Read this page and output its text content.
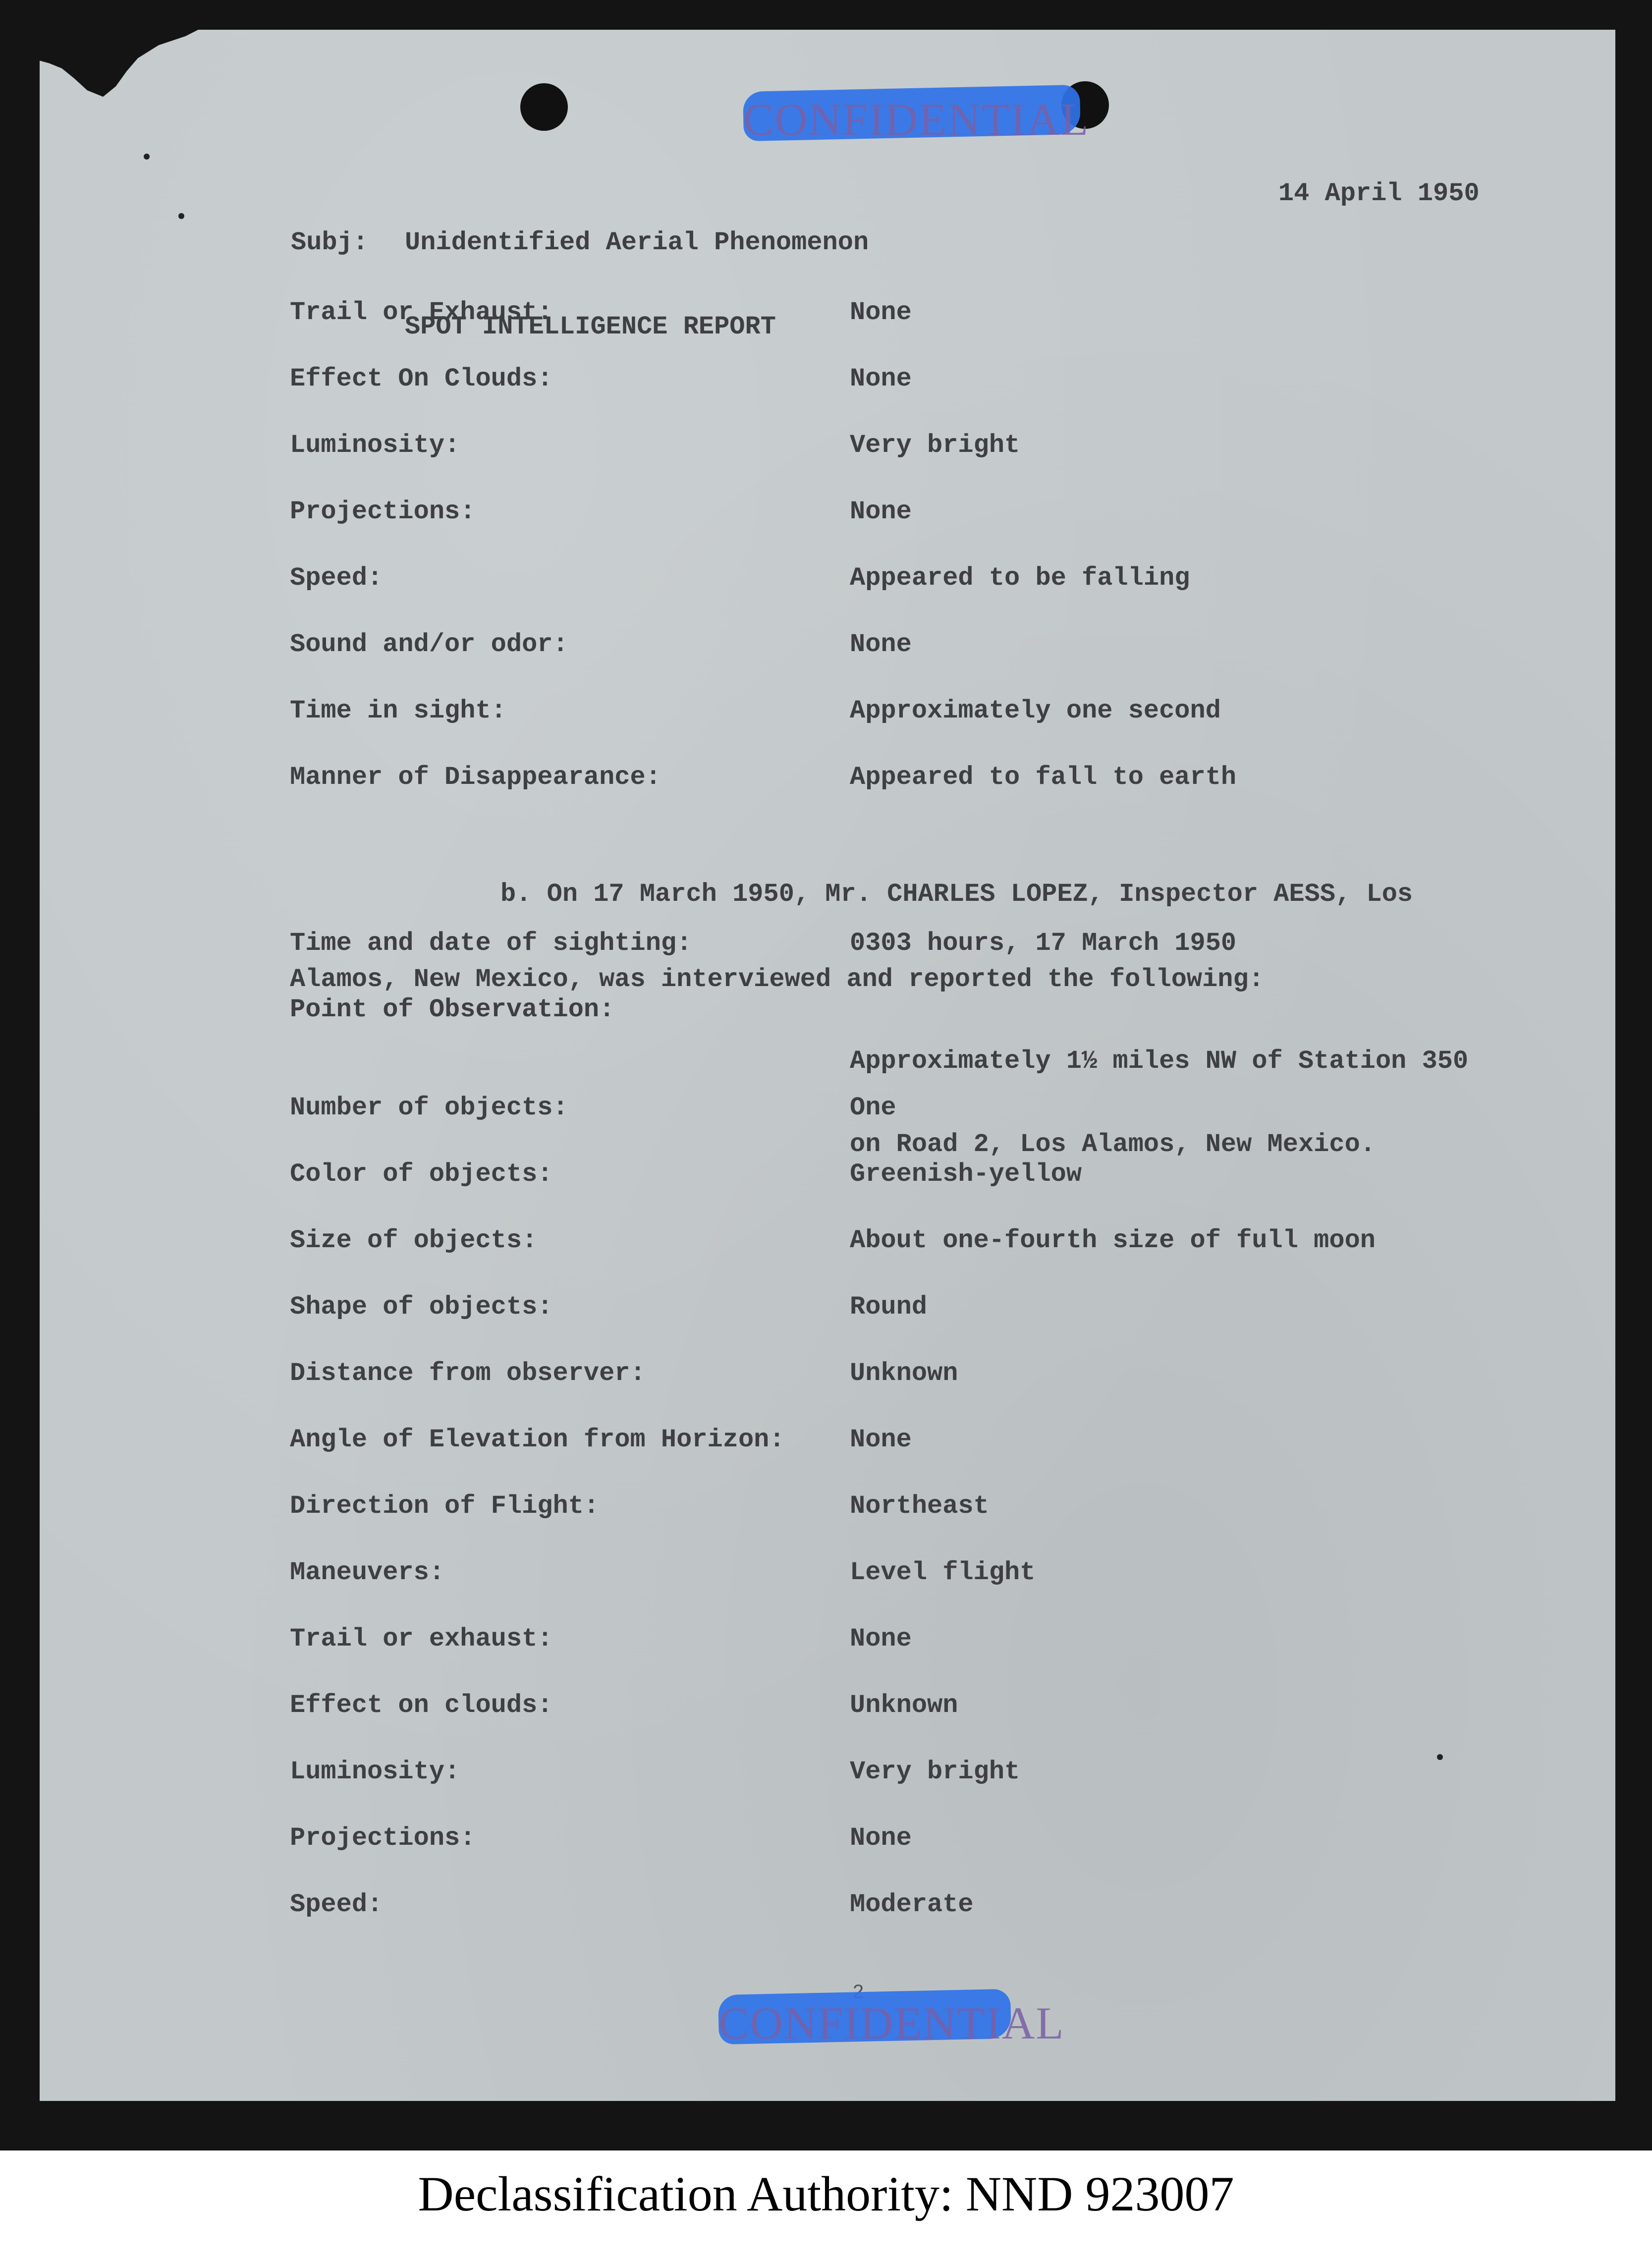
CONFIDENTIAL

Subj:	Unidentified Aerial Phenomenon

SPOT INTELLIGENCE REPORT

14 April 1950
Trail or Exhaust:	None
Effect On Clouds:	None
Luminosity:	Very bright
Projections:	None
Speed:	Appeared to be falling
Sound and/or odor:	None
Time in sight:	Approximately one second
Manner of Disappearance:	Appeared to fall to earth

b. On 17 March 1950, Mr. CHARLES LOPEZ, Inspector AESS, Los

Alamos, New Mexico, was interviewed and reported the following:

Time and date of sighting:	0303 hours, 17 March 1950
Point of Observation:

Approximately 1½ miles NW of Station 350

on Road 2, Los Alamos, New Mexico.

Number of objects:	One
Color of objects:	Greenish-yellow
Size of objects:	About one-fourth size of full moon
Shape of objects:	Round
Distance from observer:	Unknown
Angle of Elevation from Horizon:	None
Direction of Flight:	Northeast
Maneuvers:	Level flight
Trail or exhaust:	None
Effect on clouds:	Unknown
Luminosity:	Very bright
Projections:	None
Speed:	Moderate
CONFIDENTIAL
Declassification Authority: NND 923007
